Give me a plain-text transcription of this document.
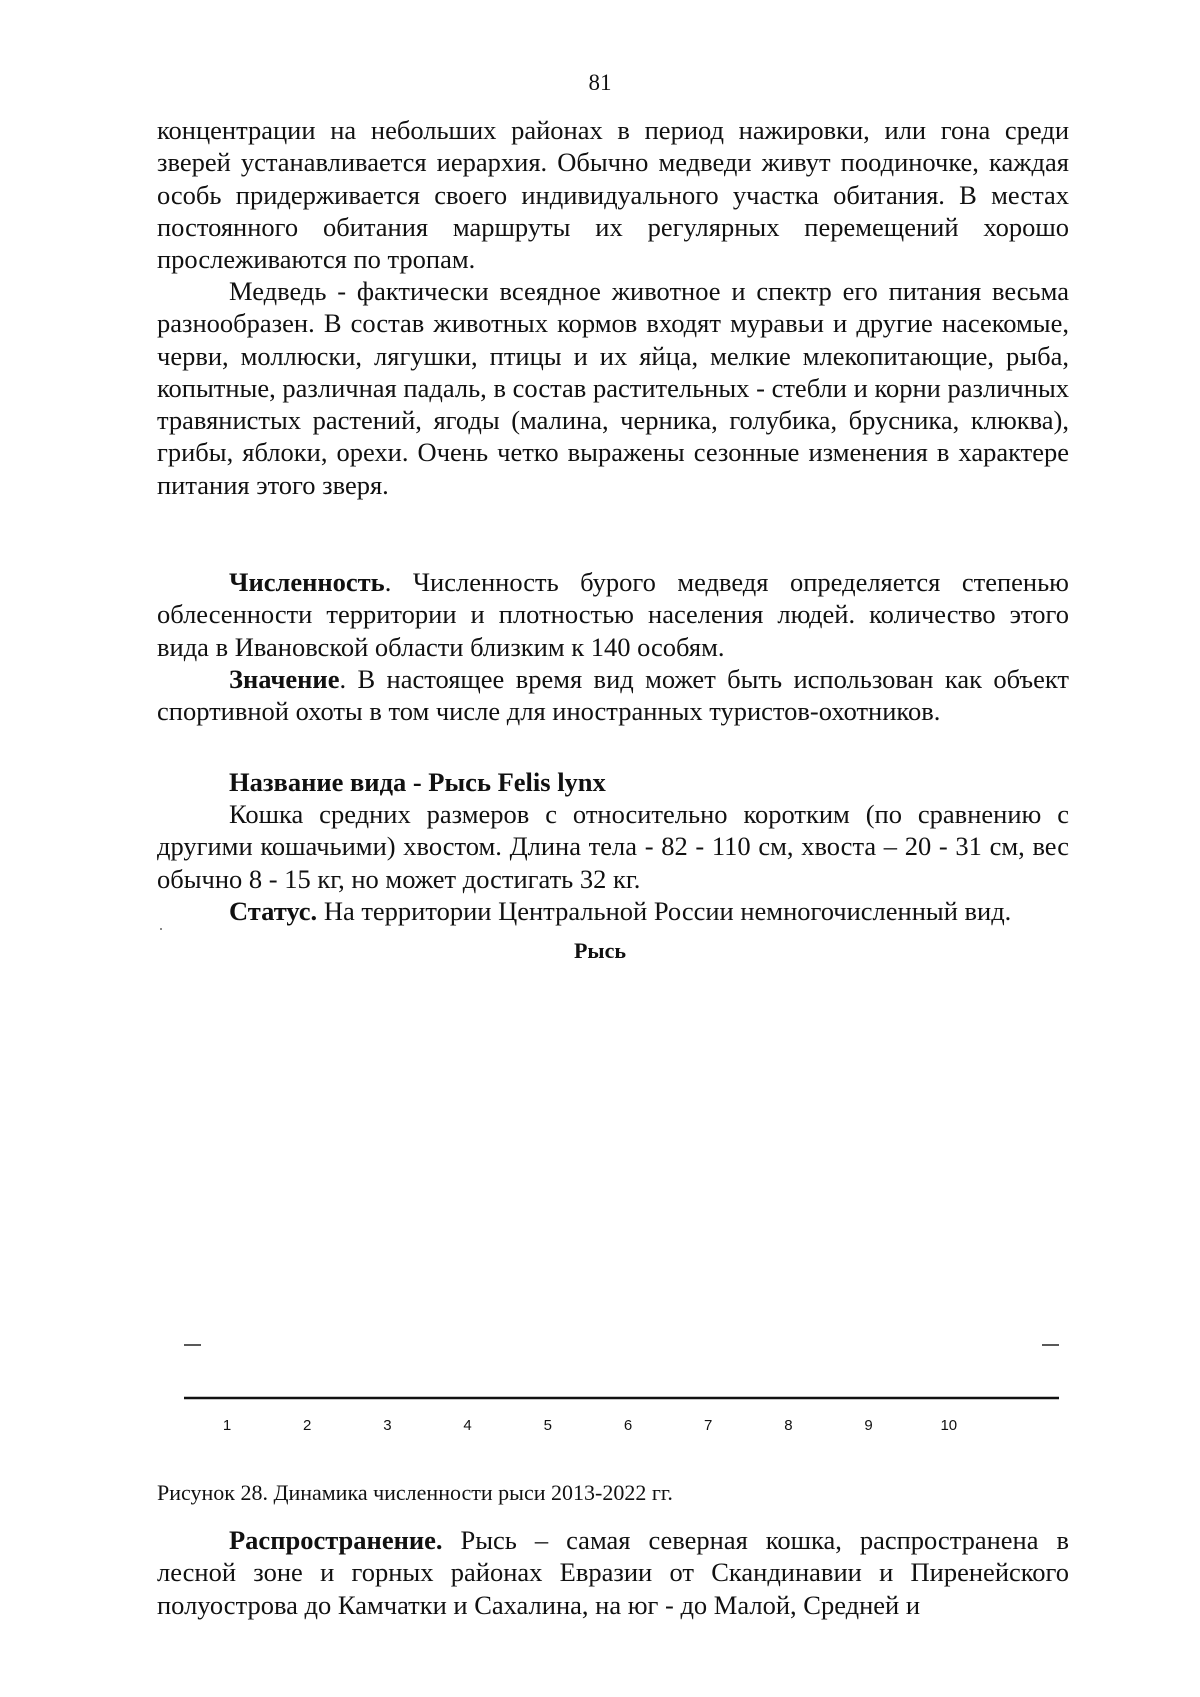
81

концентрации на небольших районах в период нажировки, или гона среди зверей устанавливается иерархия. Обычно медведи живут поодиночке, каждая особь придерживается своего индивидуального участка обитания. В местах постоянного обитания маршруты их регулярных перемещений хорошо прослеживаются по тропам.

Медведь - фактически всеядное животное и спектр его питания весьма разнообразен. В состав животных кормов входят муравьи и другие насекомые, черви, моллюски, лягушки, птицы и их яйца, мелкие млекопитающие, рыба, копытные, различная падаль, в состав растительных - стебли и корни различных травянистых растений, ягоды (малина, черника, голубика, брусника, клюква), грибы, яблоки, орехи. Очень четко выражены сезонные изменения в характере питания этого зверя.

Численность. Численность бурого медведя определяется степенью облесенности территории и плотностью населения людей. количество этого вида в Ивановской области близким к 140 особям.

Значение. В настоящее время вид может быть использован как объект спортивной охоты в том числе для иностранных туристов-охотников.

Название вида - Рысь Felis lynx

Кошка средних размеров с относительно коротким (по сравнению с другими кошачьими) хвостом. Длина тела - 82 - 110 см, хвоста – 20 - 31 см, вес обычно 8 - 15 кг, но может достигать 32 кг.

Статус. На территории Центральной России немногочисленный вид.

Рысь
1	2	3	4	5	6	7	8	9	10
Рисунок 28. Динамика численности рыси 2013-2022 гг.

Распространение. Рысь – самая северная кошка, распространена в лесной зоне и горных районах Евразии от Скандинавии и Пиренейского полуострова до Камчатки и Сахалина, на юг - до Малой, Средней и
